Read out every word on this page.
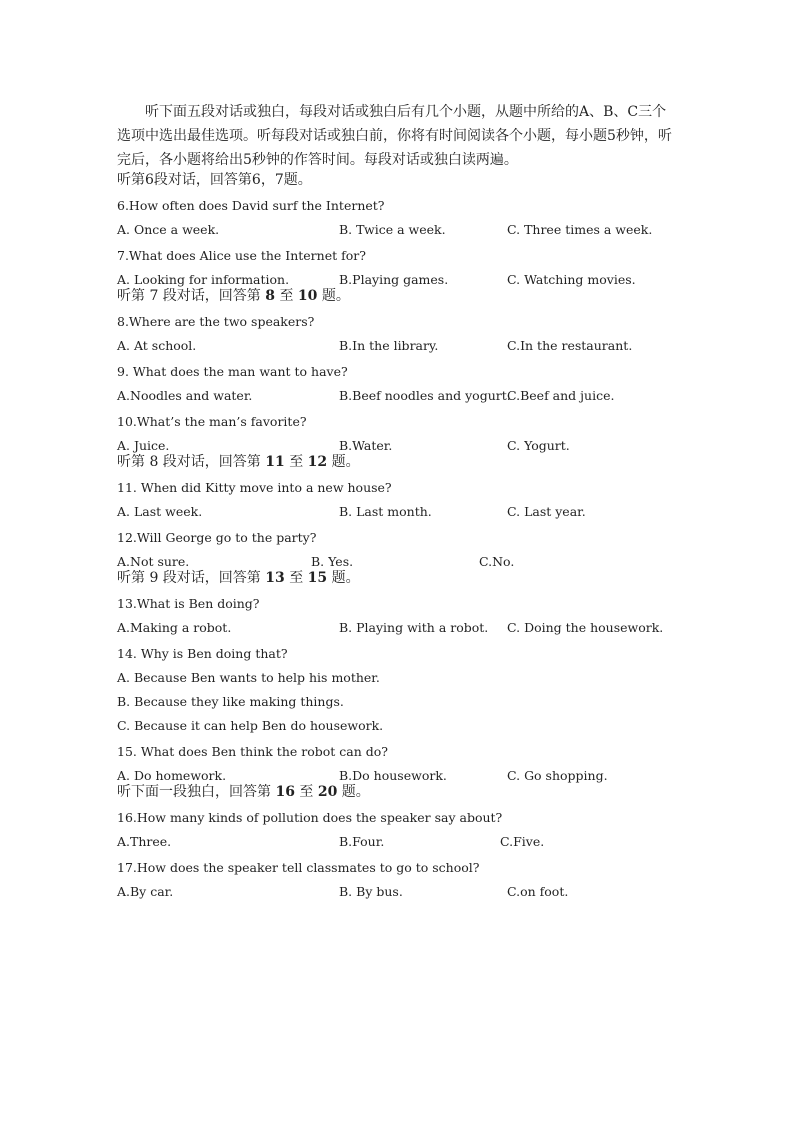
听下面五段对话或独白，每段对话或独白后有几个小题，从题中所给的A、B、C三个选项中选出最佳选项。听每段对话或独白前，你将有时间阅读各个小题，每小题5秒钟，听完后，各小题将给出5秒钟的作答时间。每段对话或独白读两遍。

听第6段对话，回答第6，7题。

6.How often does David surf the Internet?

A. Once a week.	B. Twice a week.	C. Three times a week.

7.What does Alice use the Internet for?

A. Looking for information.	B.Playing games.	C. Watching movies.

听第 7 段对话，回答第 8 至 10 题。

8.Where are the two speakers?

A. At school.	B.In the library.	C.In the restaurant.

9. What does the man want to have?

A.Noodles and water.	B.Beef noodles and yogurt.
C.Beef and juice.

10.What’s the man’s favorite?

A. Juice.	B.Water.	C. Yogurt.

听第 8 段对话，回答第 11 至 12 题。

11. When did Kitty move into a new house?

A. Last week.	B. Last month.	C. Last year.

12.Will George go to the party?

A.Not sure.	B. Yes.	C.No.

听第 9 段对话，回答第 13 至 15 题。

13.What is Ben doing?

A.Making a robot.	B. Playing with a robot. C. Doing the housework.

14. Why is Ben doing that?

A. Because Ben wants to help his mother.

B. Because they like making things.

C. Because it can help Ben do housework.

15. What does Ben think the robot can do?

A. Do homework.	B.Do housework.	C. Go shopping.

听下面一段独白，回答第 16 至 20 题。

16.How many kinds of pollution does the speaker say about?

A.Three.	B.Four.	C.Five.

17.How does the speaker tell classmates to go to school?

A.By car.	B. By bus.	C.on foot.
